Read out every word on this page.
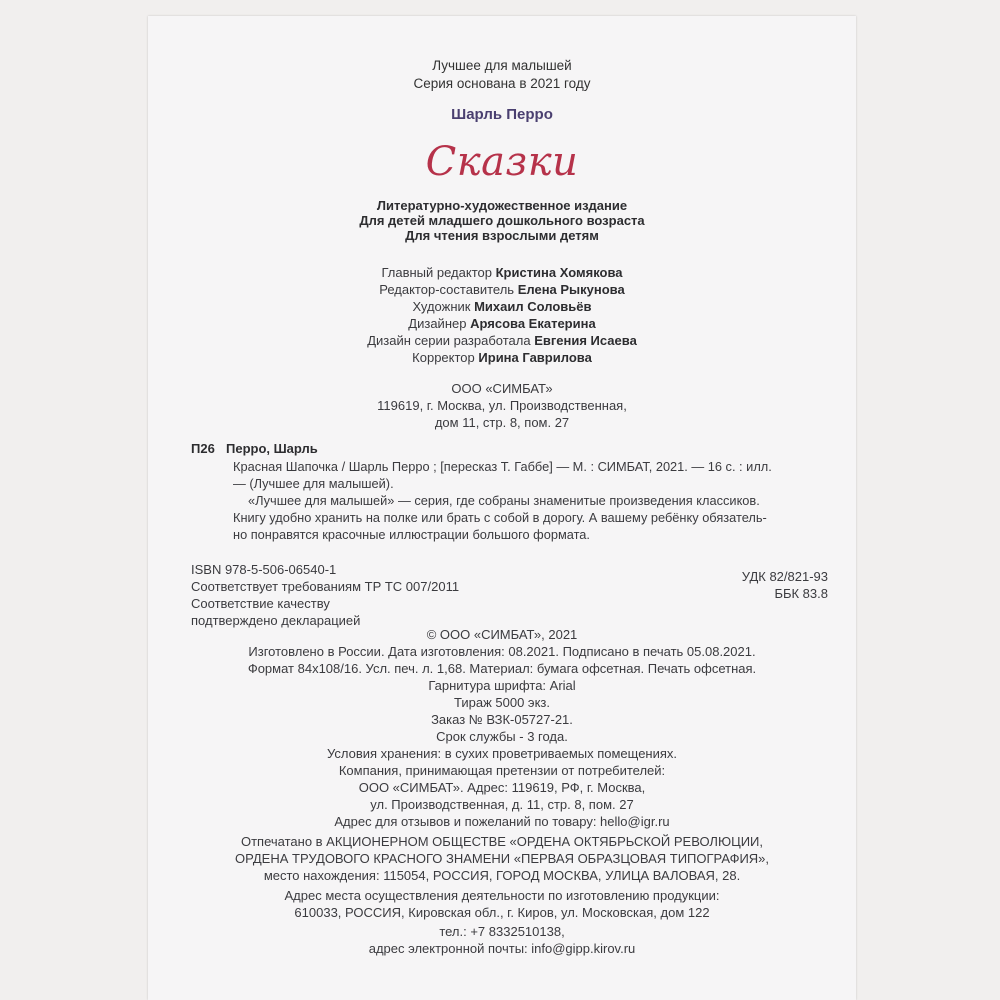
Лучшее для малышей
Серия основана в 2021 году
Шарль Перро
Сказки
Литературно-художественное издание
Для детей младшего дошкольного возраста
Для чтения взрослыми детям
Главный редактор Кристина Хомякова
Редактор-составитель Елена Рыкунова
Художник Михаил Соловьёв
Дизайнер Арясова Екатерина
Дизайн серии разработала Евгения Исаева
Корректор Ирина Гаврилова
ООО «СИМБАТ»
119619, г. Москва, ул. Производственная,
дом 11, стр. 8, пом. 27
П26 Перро, Шарль
Красная Шапочка / Шарль Перро ; [пересказ Т. Габбе] — М. : СИМБАТ, 2021. — 16 с. : илл.
— (Лучшее для малышей).
«Лучшее для малышей» — серия, где собраны знаменитые произведения классиков.
Книгу удобно хранить на полке или брать с собой в дорогу. А вашему ребёнку обязатель-
но понравятся красочные иллюстрации большого формата.
ISBN 978-5-506-06540-1
Соответствует требованиям ТР ТС 007/2011
Соответствие качеству
подтверждено декларацией
УДК 82/821-93
ББК 83.8
© ООО «СИМБАТ», 2021
Изготовлено в России. Дата изготовления: 08.2021. Подписано в печать 05.08.2021.
Формат 84х108/16. Усл. печ. л. 1,68. Материал: бумага офсетная. Печать офсетная.
Гарнитура шрифта: Arial
Тираж 5000 экз.
Заказ № ВЗК-05727-21.
Срок службы - 3 года.
Условия хранения: в сухих проветриваемых помещениях.
Компания, принимающая претензии от потребителей:
ООО «СИМБАТ». Адрес: 119619, РФ, г. Москва,
ул. Производственная, д. 11, стр. 8, пом. 27
Адрес для отзывов и пожеланий по товару: hello@igr.ru
Отпечатано в АКЦИОНЕРНОМ ОБЩЕСТВЕ «ОРДЕНА ОКТЯБРЬСКОЙ РЕВОЛЮЦИИ,
ОРДЕНА ТРУДОВОГО КРАСНОГО ЗНАМЕНИ «ПЕРВАЯ ОБРАЗЦОВАЯ ТИПОГРАФИЯ»,
место нахождения: 115054, РОССИЯ, ГОРОД МОСКВА, УЛИЦА ВАЛОВАЯ, 28.
Адрес места осуществления деятельности по изготовлению продукции:
610033, РОССИЯ, Кировская обл., г. Киров, ул. Московская, дом 122
тел.: +7 8332510138,
адрес электронной почты: info@gipp.kirov.ru
